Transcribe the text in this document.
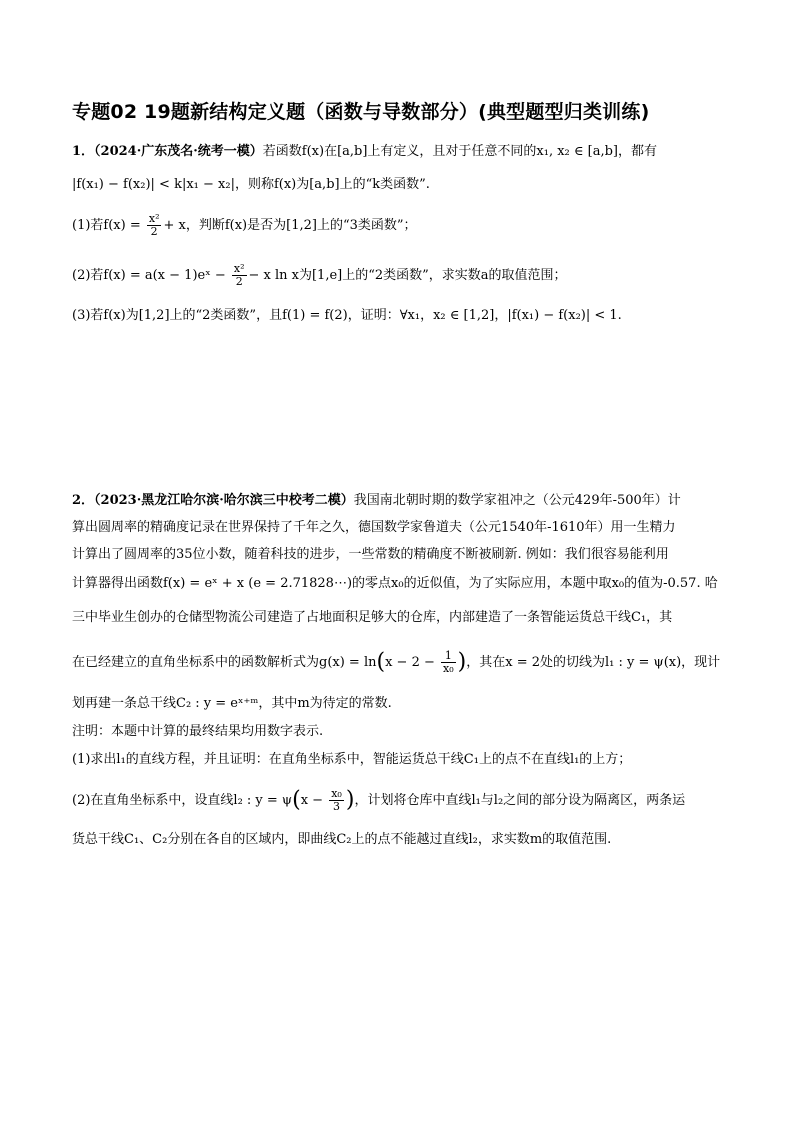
专题02 19题新结构定义题（函数与导数部分）(典型题型归类训练)
1．（2024·广东茂名·统考一模）若函数f(x)在[a,b]上有定义，且对于任意不同的x₁, x₂ ∈ [a,b]，都有
|f(x₁) − f(x₂)| < k|x₁ − x₂|，则称f(x)为[a,b]上的“k类函数”.
(1)若$f(x) = \frac{\text{x²}}{2} + x$，判断f(x)是否为[1,2]上的“3类函数”；
(2)若f(x) = a(x − 1)eˣ − $\frac{\text{x²}}{2} - x$ ln x为[1,e]上的“2类函数”，求实数a的取值范围；
(3)若f(x)为[1,2]上的“2类函数”，且f(1) = f(2)，证明：∀x₁，x₂ ∈ [1,2]，|f(x₁) − f(x₂)| < 1.
2．（2023·黑龙江哈尔滨·哈尔滨三中校考二模）我国南北朝时期的数学家祖冲之（公元429年-500年）计
算出圆周率的精确度记录在世界保持了千年之久，德国数学家鲁道夫（公元1540年-1610年）用一生精力
计算出了圆周率的35位小数，随着科技的进步，一些常数的精确度不断被刷新. 例如：我们很容易能利用
计算器得出函数f(x) = eˣ + x (e = 2.71828⋯)的零点x₀的近似值，为了实际应用，本题中取x₀的值为-0.57. 哈
三中毕业生创办的仓储型物流公司建造了占地面积足够大的仓库，内部建造了一条智能运货总干线C₁，其
在已经建立的直角坐标系中的函数解析式为$g(x) = \ln(x - 2 - \frac{1}{\text{x₀}}$ )，其在x = 2处的切线为l₁ : y = ψ(x)，现计
划再建一条总干线C₂ : y = eˣ⁺ᵐ，其中m为待定的常数.
注明：本题中计算的最终结果均用数字表示.
(1)求出l₁的直线方程，并且证明：在直角坐标系中，智能运货总干线C₁上的点不在直线l₁的上方；
(2)在直角坐标系中，设直线l₂ : $y = \psi(x - \frac{\text{x₀}}{3}$ )，计划将仓库中直线l₁与l₂之间的部分设为隔离区，两条运
货总干线C₁、C₂分别在各自的区域内，即曲线C₂上的点不能越过直线l₂，求实数m的取值范围.
